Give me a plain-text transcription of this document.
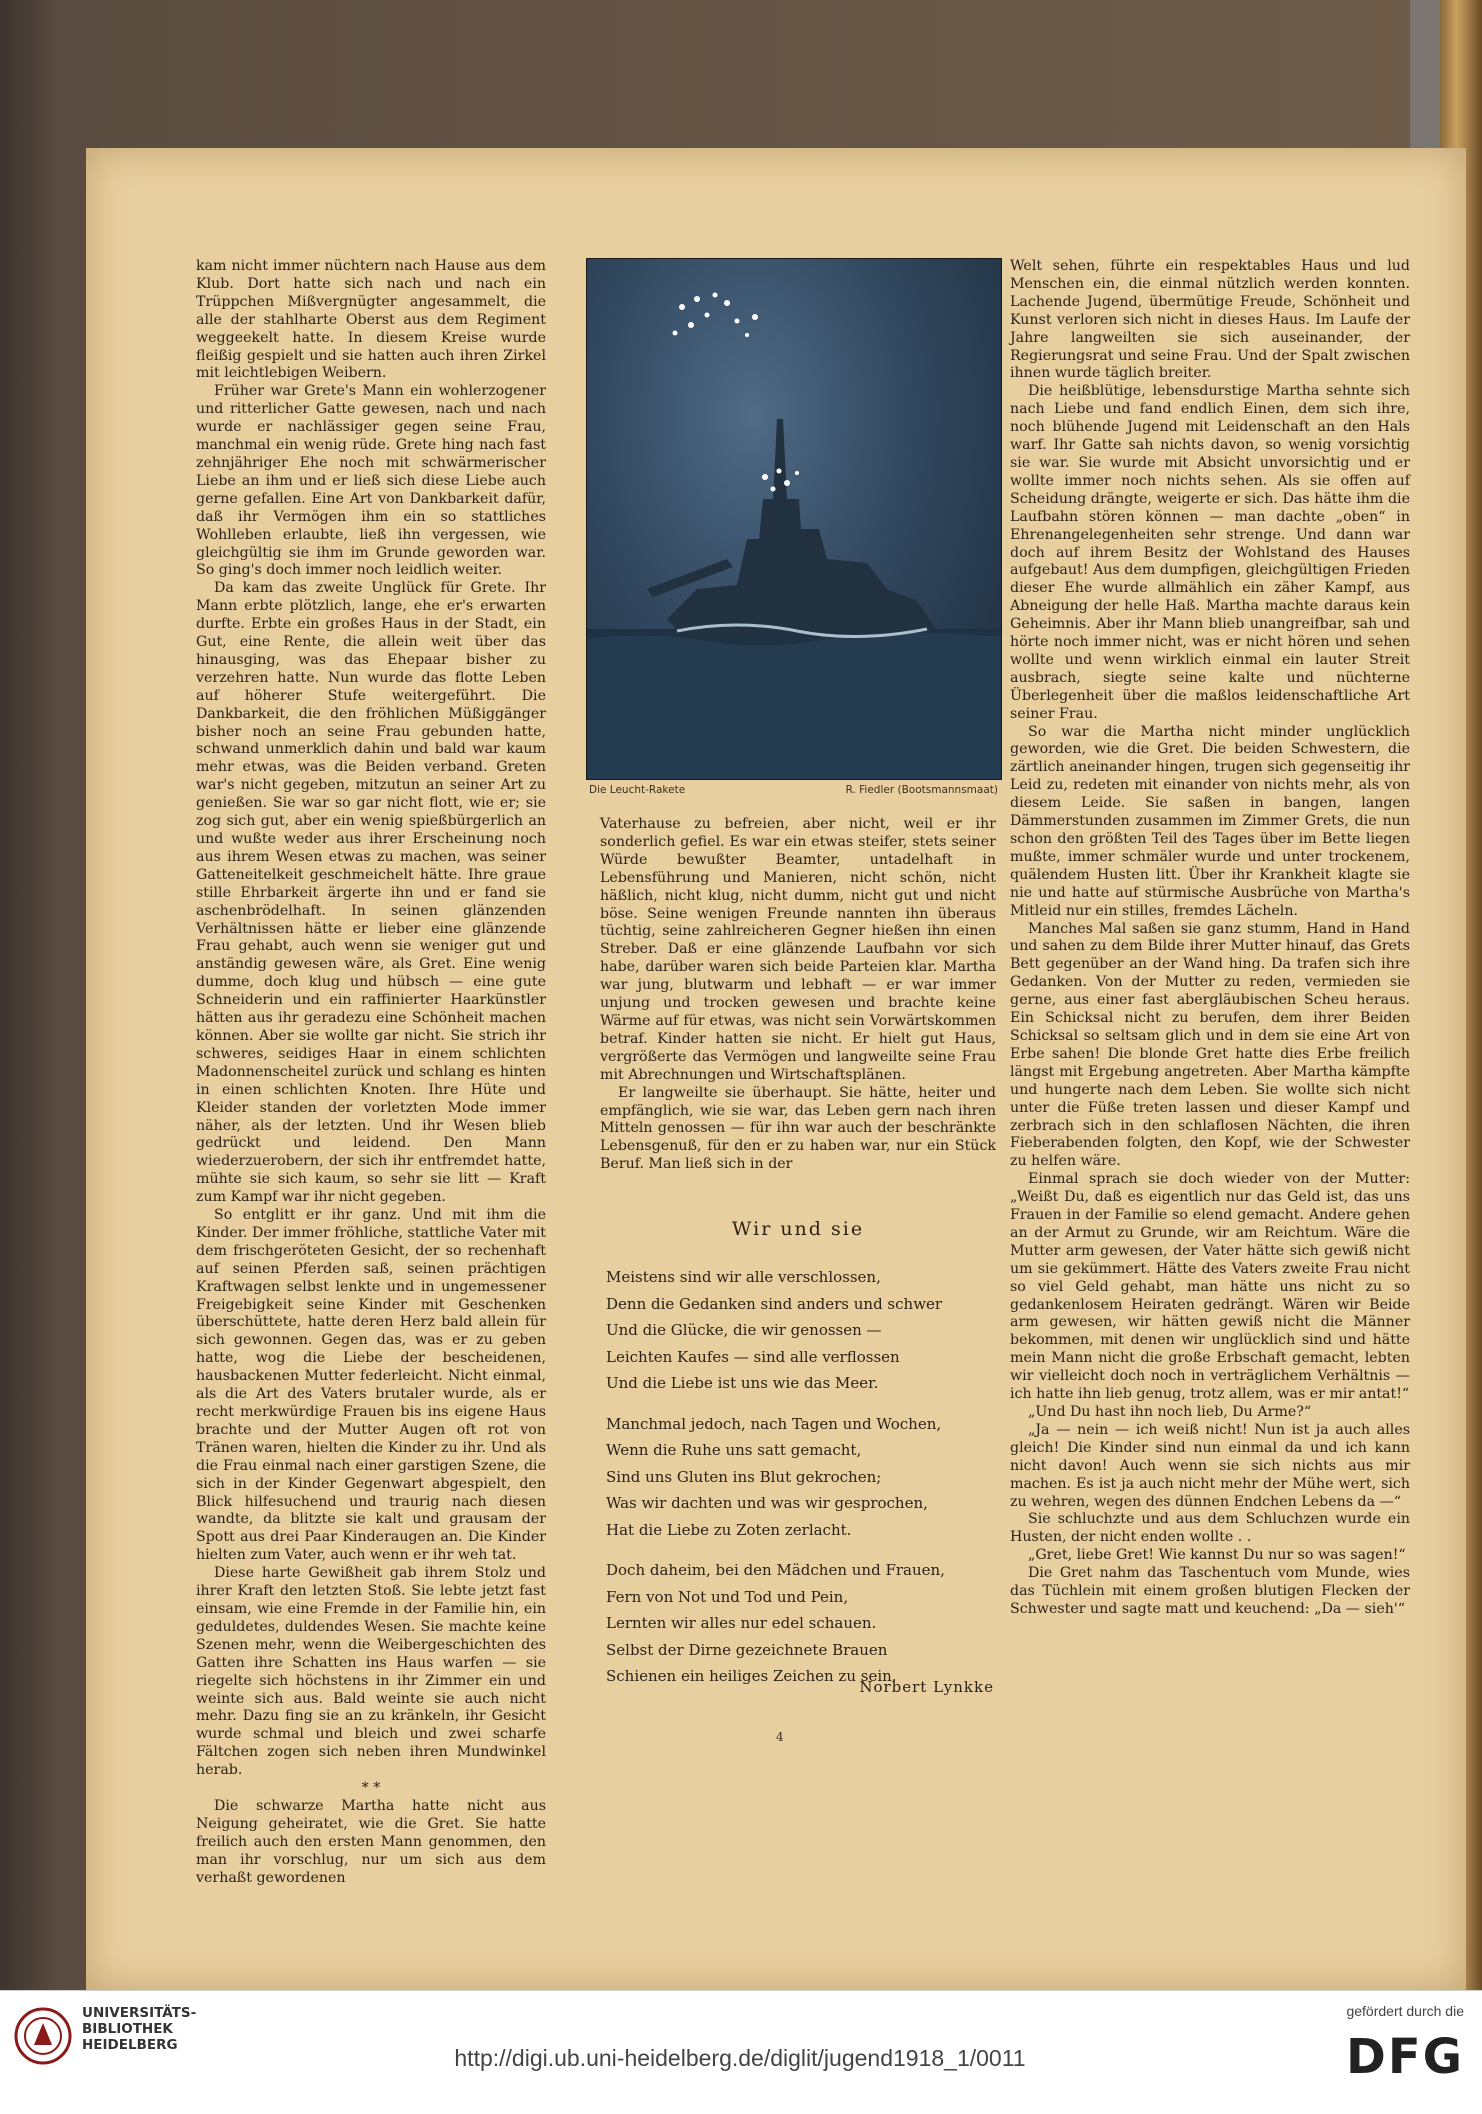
kam nicht immer nüchtern nach Hause aus dem Klub. Dort hatte sich nach und nach ein Trüppchen Mißvergnügter angesammelt, die alle der stahlharte Oberst aus dem Regiment weggeekelt hatte. In diesem Kreise wurde fleißig gespielt und sie hatten auch ihren Zirkel mit leichtlebigen Weibern.

Früher war Grete's Mann ein wohlerzogener und ritterlicher Gatte gewesen, nach und nach wurde er nachlässiger gegen seine Frau, manchmal ein wenig rüde. Grete hing nach fast zehnjähriger Ehe noch mit schwärmerischer Liebe an ihm und er ließ sich diese Liebe auch gerne gefallen. Eine Art von Dankbarkeit dafür, daß ihr Vermögen ihm ein so stattliches Wohlleben erlaubte, ließ ihn vergessen, wie gleichgültig sie ihm im Grunde geworden war. So ging's doch immer noch leidlich weiter.

Da kam das zweite Unglück für Grete. Ihr Mann erbte plötzlich, lange, ehe er's erwarten durfte. Erbte ein großes Haus in der Stadt, ein Gut, eine Rente, die allein weit über das hinausging, was das Ehepaar bisher zu verzehren hatte. Nun wurde das flotte Leben auf höherer Stufe weitergeführt. Die Dankbarkeit, die den fröhlichen Müßiggänger bisher noch an seine Frau gebunden hatte, schwand unmerklich dahin und bald war kaum mehr etwas, was die Beiden verband. Greten war's nicht gegeben, mitzutun an seiner Art zu genießen. Sie war so gar nicht flott, wie er; sie zog sich gut, aber ein wenig spießbürgerlich an und wußte weder aus ihrer Erscheinung noch aus ihrem Wesen etwas zu machen, was seiner Gatteneitelkeit geschmeichelt hätte. Ihre graue stille Ehrbarkeit ärgerte ihn und er fand sie aschenbrödelhaft. In seinen glänzenden Verhältnissen hätte er lieber eine glänzende Frau gehabt, auch wenn sie weniger gut und anständig gewesen wäre, als Gret. Eine wenig dumme, doch klug und hübsch — eine gute Schneiderin und ein raffinierter Haarkünstler hätten aus ihr geradezu eine Schönheit machen können. Aber sie wollte gar nicht. Sie strich ihr schweres, seidiges Haar in einem schlichten Madonnenscheitel zurück und schlang es hinten in einen schlichten Knoten. Ihre Hüte und Kleider standen der vorletzten Mode immer näher, als der letzten. Und ihr Wesen blieb gedrückt und leidend. Den Mann wiederzuerobern, der sich ihr entfremdet hatte, mühte sie sich kaum, so sehr sie litt — Kraft zum Kampf war ihr nicht gegeben.

So entglitt er ihr ganz. Und mit ihm die Kinder. Der immer fröhliche, stattliche Vater mit dem frischgeröteten Gesicht, der so rechenhaft auf seinen Pferden saß, seinen prächtigen Kraftwagen selbst lenkte und in ungemessener Freigebigkeit seine Kinder mit Geschenken überschüttete, hatte deren Herz bald allein für sich gewonnen. Gegen das, was er zu geben hatte, wog die Liebe der bescheidenen, hausbackenen Mutter federleicht. Nicht einmal, als die Art des Vaters brutaler wurde, als er recht merkwürdige Frauen bis ins eigene Haus brachte und der Mutter Augen oft rot von Tränen waren, hielten die Kinder zu ihr. Und als die Frau einmal nach einer garstigen Szene, die sich in der Kinder Gegenwart abgespielt, den Blick hilfesuchend und traurig nach diesen wandte, da blitzte sie kalt und grausam der Spott aus drei Paar Kinderaugen an. Die Kinder hielten zum Vater, auch wenn er ihr weh tat.

Diese harte Gewißheit gab ihrem Stolz und ihrer Kraft den letzten Stoß. Sie lebte jetzt fast einsam, wie eine Fremde in der Familie hin, ein geduldetes, duldendes Wesen. Sie machte keine Szenen mehr, wenn die Weibergeschichten des Gatten ihre Schatten ins Haus warfen — sie riegelte sich höchstens in ihr Zimmer ein und weinte sich aus. Bald weinte sie auch nicht mehr. Dazu fing sie an zu kränkeln, ihr Gesicht wurde schmal und bleich und zwei scharfe Fältchen zogen sich neben ihren Mundwinkel herab.

* *

Die schwarze Martha hatte nicht aus Neigung geheiratet, wie die Gret. Sie hatte freilich auch den ersten Mann genommen, den man ihr vorschlug, nur um sich aus dem verhaßt gewordenen

Die Leucht-Rakete	R. Fiedler (Bootsmannsmaat)

Vaterhause zu befreien, aber nicht, weil er ihr sonderlich gefiel. Es war ein etwas steifer, stets seiner Würde bewußter Beamter, untadelhaft in Lebensführung und Manieren, nicht schön, nicht häßlich, nicht klug, nicht dumm, nicht gut und nicht böse. Seine wenigen Freunde nannten ihn überaus tüchtig, seine zahlreicheren Gegner hießen ihn einen Streber. Daß er eine glänzende Laufbahn vor sich habe, darüber waren sich beide Parteien klar. Martha war jung, blutwarm und lebhaft — er war immer unjung und trocken gewesen und brachte keine Wärme auf für etwas, was nicht sein Vorwärtskommen betraf. Kinder hatten sie nicht. Er hielt gut Haus, vergrößerte das Vermögen und langweilte seine Frau mit Abrechnungen und Wirtschaftsplänen.

Er langweilte sie überhaupt. Sie hätte, heiter und empfänglich, wie sie war, das Leben gern nach ihren Mitteln genossen — für ihn war auch der beschränkte Lebensgenuß, für den er zu haben war, nur ein Stück Beruf. Man ließ sich in der

Wir und sie
Meistens sind wir alle verschlossen,
Denn die Gedanken sind anders und schwer
Und die Glücke, die wir genossen —
Leichten Kaufes — sind alle verflossen
Und die Liebe ist uns wie das Meer.
Manchmal jedoch, nach Tagen und Wochen,
Wenn die Ruhe uns satt gemacht,
Sind uns Gluten ins Blut gekrochen;
Was wir dachten und was wir gesprochen,
Hat die Liebe zu Zoten zerlacht.
Doch daheim, bei den Mädchen und Frauen,
Fern von Not und Tod und Pein,
Lernten wir alles nur edel schauen.
Selbst der Dirne gezeichnete Brauen
Schienen ein heiliges Zeichen zu sein.
Norbert Lynkke
4

Welt sehen, führte ein respektables Haus und lud Menschen ein, die einmal nützlich werden konnten. Lachende Jugend, übermütige Freude, Schönheit und Kunst verloren sich nicht in dieses Haus. Im Laufe der Jahre langweilten sie sich auseinander, der Regierungsrat und seine Frau. Und der Spalt zwischen ihnen wurde täglich breiter.

Die heißblütige, lebensdurstige Martha sehnte sich nach Liebe und fand endlich Einen, dem sich ihre, noch blühende Jugend mit Leidenschaft an den Hals warf. Ihr Gatte sah nichts davon, so wenig vorsichtig sie war. Sie wurde mit Absicht unvorsichtig und er wollte immer noch nichts sehen. Als sie offen auf Scheidung drängte, weigerte er sich. Das hätte ihm die Laufbahn stören können — man dachte „oben“ in Ehrenangelegenheiten sehr strenge. Und dann war doch auf ihrem Besitz der Wohlstand des Hauses aufgebaut! Aus dem dumpfigen, gleichgültigen Frieden dieser Ehe wurde allmählich ein zäher Kampf, aus Abneigung der helle Haß. Martha machte daraus kein Geheimnis. Aber ihr Mann blieb unangreifbar, sah und hörte noch immer nicht, was er nicht hören und sehen wollte und wenn wirklich einmal ein lauter Streit ausbrach, siegte seine kalte und nüchterne Überlegenheit über die maßlos leidenschaftliche Art seiner Frau.

So war die Martha nicht minder unglücklich geworden, wie die Gret. Die beiden Schwestern, die zärtlich aneinander hingen, trugen sich gegenseitig ihr Leid zu, redeten mit einander von nichts mehr, als von diesem Leide. Sie saßen in bangen, langen Dämmerstunden zusammen im Zimmer Grets, die nun schon den größten Teil des Tages über im Bette liegen mußte, immer schmäler wurde und unter trockenem, quälendem Husten litt. Über ihr Krankheit klagte sie nie und hatte auf stürmische Ausbrüche von Martha's Mitleid nur ein stilles, fremdes Lächeln.

Manches Mal saßen sie ganz stumm, Hand in Hand und sahen zu dem Bilde ihrer Mutter hinauf, das Grets Bett gegenüber an der Wand hing. Da trafen sich ihre Gedanken. Von der Mutter zu reden, vermieden sie gerne, aus einer fast abergläubischen Scheu heraus. Ein Schicksal nicht zu berufen, dem ihrer Beiden Schicksal so seltsam glich und in dem sie eine Art von Erbe sahen! Die blonde Gret hatte dies Erbe freilich längst mit Ergebung angetreten. Aber Martha kämpfte und hungerte nach dem Leben. Sie wollte sich nicht unter die Füße treten lassen und dieser Kampf und zerbrach sich in den schlaflosen Nächten, die ihren Fieberabenden folgten, den Kopf, wie der Schwester zu helfen wäre.

Einmal sprach sie doch wieder von der Mutter: „Weißt Du, daß es eigentlich nur das Geld ist, das uns Frauen in der Familie so elend gemacht. Andere gehen an der Armut zu Grunde, wir am Reichtum. Wäre die Mutter arm gewesen, der Vater hätte sich gewiß nicht um sie gekümmert. Hätte des Vaters zweite Frau nicht so viel Geld gehabt, man hätte uns nicht zu so gedankenlosem Heiraten gedrängt. Wären wir Beide arm gewesen, wir hätten gewiß nicht die Männer bekommen, mit denen wir unglücklich sind und hätte mein Mann nicht die große Erbschaft gemacht, lebten wir vielleicht doch noch in verträglichem Verhältnis — ich hatte ihn lieb genug, trotz allem, was er mir antat!“

„Und Du hast ihn noch lieb, Du Arme?“

„Ja — nein — ich weiß nicht! Nun ist ja auch alles gleich! Die Kinder sind nun einmal da und ich kann nicht davon! Auch wenn sie sich nichts aus mir machen. Es ist ja auch nicht mehr der Mühe wert, sich zu wehren, wegen des dünnen Endchen Lebens da —“

Sie schluchzte und aus dem Schluchzen wurde ein Husten, der nicht enden wollte . .

„Gret, liebe Gret! Wie kannst Du nur so was sagen!“

Die Gret nahm das Taschentuch vom Munde, wies das Tüchlein mit einem großen blutigen Flecken der Schwester und sagte matt und keuchend: „Da — sieh'“

UNIVERSITÄTS-
BIBLIOTHEK
HEIDELBERG	http://digi.ub.uni-heidelberg.de/diglit/jugend1918_1/0011
gefördert durch die
DFG
